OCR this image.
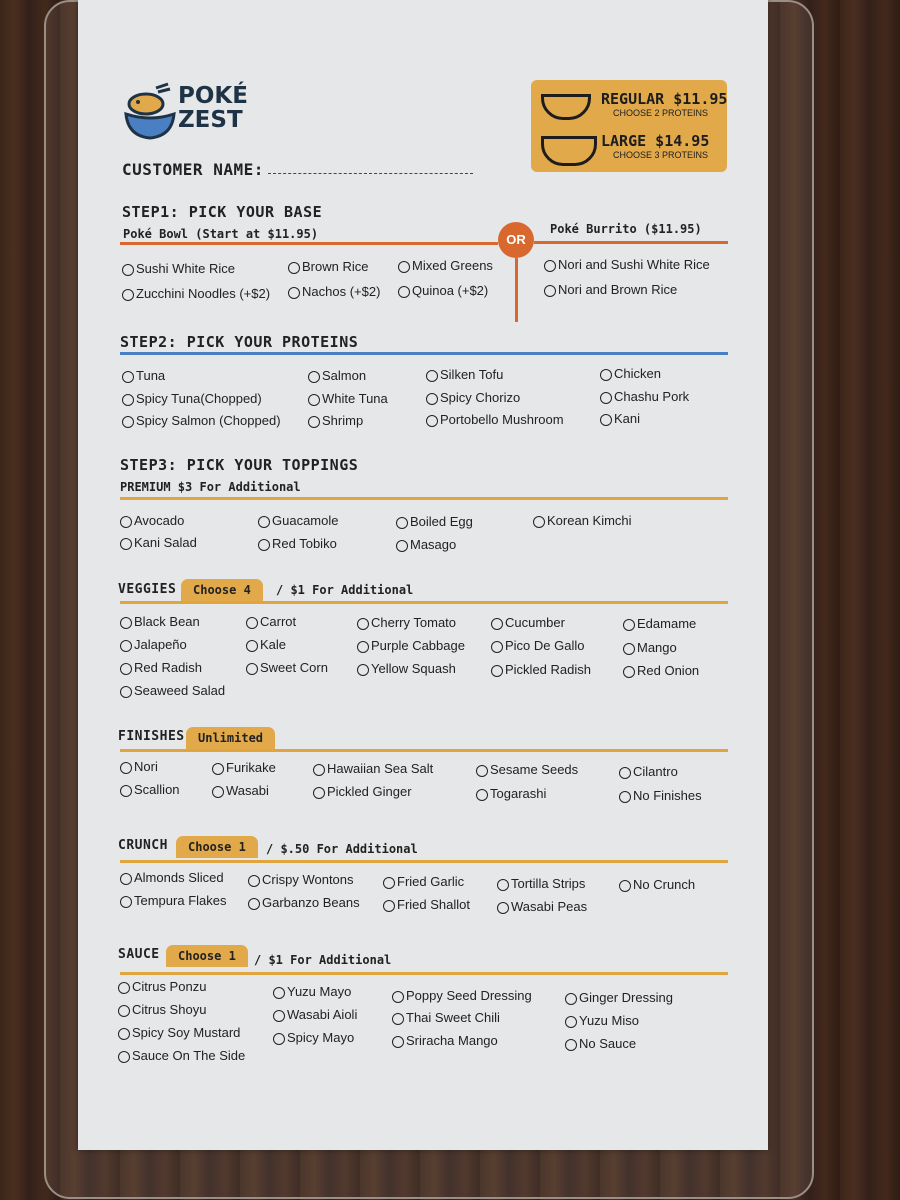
POKÉ
ZEST
CUSTOMER NAME:
REGULAR $11.95
CHOOSE 2 PROTEINS
LARGE $14.95
CHOOSE 3 PROTEINS
STEP1: PICK YOUR BASE
Poké Bowl (Start at $11.95)	Poké Burrito ($11.95)
OR
Sushi White Rice	Brown Rice	Mixed Greens
Zucchini Noodles (+$2)	Nachos (+$2)	Quinoa (+$2)
Nori and Sushi White Rice
Nori and Brown Rice
STEP2: PICK YOUR PROTEINS
Tuna
Spicy Tuna(Chopped)
Spicy Salmon (Chopped)
Salmon
White Tuna
Shrimp
Silken Tofu
Spicy Chorizo
Portobello Mushroom
Chicken
Chashu Pork
Kani
STEP3: PICK YOUR TOPPINGS
PREMIUM $3 For Additional
Avocado
Kani Salad
Guacamole
Red Tobiko
Boiled Egg
Masago
Korean Kimchi
VEGGIES	Choose 4	/ $1 For Additional
Black Bean
Jalapeño
Red Radish
Seaweed Salad
Carrot
Kale
Sweet Corn
Cherry Tomato
Purple Cabbage
Yellow Squash
Cucumber
Pico De Gallo
Pickled Radish
Edamame
Mango
Red Onion
FINISHES	Unlimited
Nori
Scallion
Furikake
Wasabi
Hawaiian Sea Salt
Pickled Ginger
Sesame Seeds
Togarashi
Cilantro
No Finishes
CRUNCH	Choose 1	/ $.50 For Additional
Almonds Sliced
Tempura Flakes
Crispy Wontons
Garbanzo Beans
Fried Garlic
Fried Shallot
Tortilla Strips
Wasabi Peas
No Crunch
SAUCE	Choose 1	/ $1 For Additional
Citrus Ponzu
Citrus Shoyu
Spicy Soy Mustard
Sauce On The Side
Yuzu Mayo
Wasabi Aioli
Spicy Mayo
Poppy Seed Dressing
Thai Sweet Chili
Sriracha Mango
Ginger Dressing
Yuzu Miso
No Sauce
